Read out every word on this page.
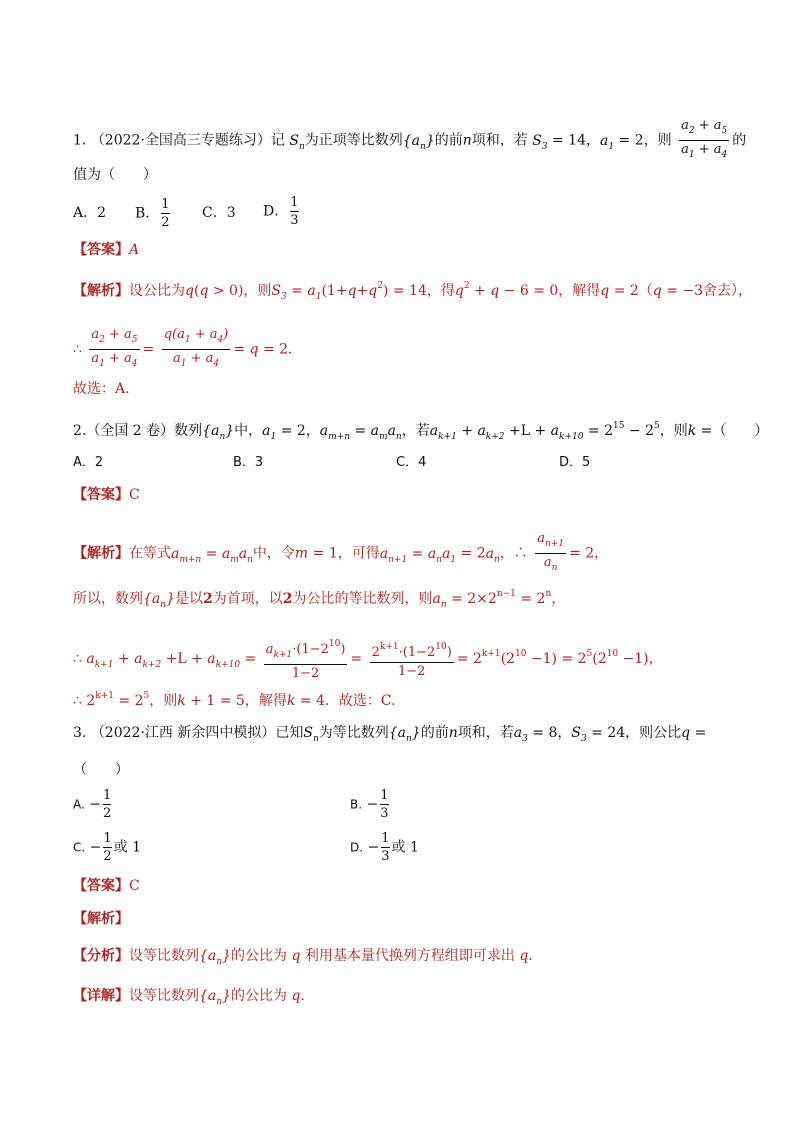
1. （2022·全国高三专题练习）记 $S_n$为正项等比数列$\{a_n\}$的前n项和，若 $S_3 = 14$，$a_1 = 2$，则 $\frac{a_2 + a_5}{a_1 + a_4}$ 的
值为（　　）
A．2 B． $\frac{1}{2}$ C．3 D． $\frac{1}{3}$
【答案】A
【解析】设公比为q(q > 0)，则$S_3 = a_1(1+q+q^2) = 14$，得$q^2 + q - 6 = 0$，解得q = 2（q = −3舍去），
∴ $\frac{a_2 + a_5}{a_1 + a_4} = \frac{q(a_1 + a_4)}{a_1 + a_4} = q = 2$．
故选：A.
2.（全国 2 卷）数列$\{a_n\}$中，$a_1 = 2$，$a_{m+n} = a_ma_n$，若$a_{k+1} + a_{k+2} +L + a_{k+10} = 2^{15} - 2^5$，则k =（　　）
A．2	B．3	C．4	D．5
【答案】C
【解析】在等式$a_{m+n} = a_ma_n$中，令m = 1，可得$a_{n+1} = a_na_1 = 2a_n$，∴ $\frac{a_{n+1}}{a_n} = 2$，
所以，数列$\{a_n\}$是以2为首项，以2为公比的等比数列，则$a_n = 2\times 2^{n-1} = 2^n$，
∴ $a_{k+1} + a_{k+2} +L + a_{k+10} = \frac{a_{k+1}\cdot(1-2^{10})}{1-2} = \frac{2^{k+1}\cdot(1-2^{10})}{1-2} = 2^{k+1}(2^{10} -1) = 2^5(2^{10} -1)$，
∴ $2^{k+1} = 2^5$，则k + 1 = 5，解得k = 4．故选：C.
3. （2022·江西 新余四中模拟）已知$S_n$为等比数列$\{a_n\}$的前n项和，若$a_3 = 8$，$S_3 = 24$，则公比q =
（　　）
A. − $\frac{1}{2}$	B. − $\frac{1}{3}$
C. − $\frac{1}{2}$ 或 1	D. − $\frac{1}{3}$ 或 1
【答案】C
【解析】
【分析】设等比数列$\{a_n\}$的公比为 q 利用基本量代换列方程组即可求出 q.
【详解】设等比数列$\{a_n\}$的公比为 q.
